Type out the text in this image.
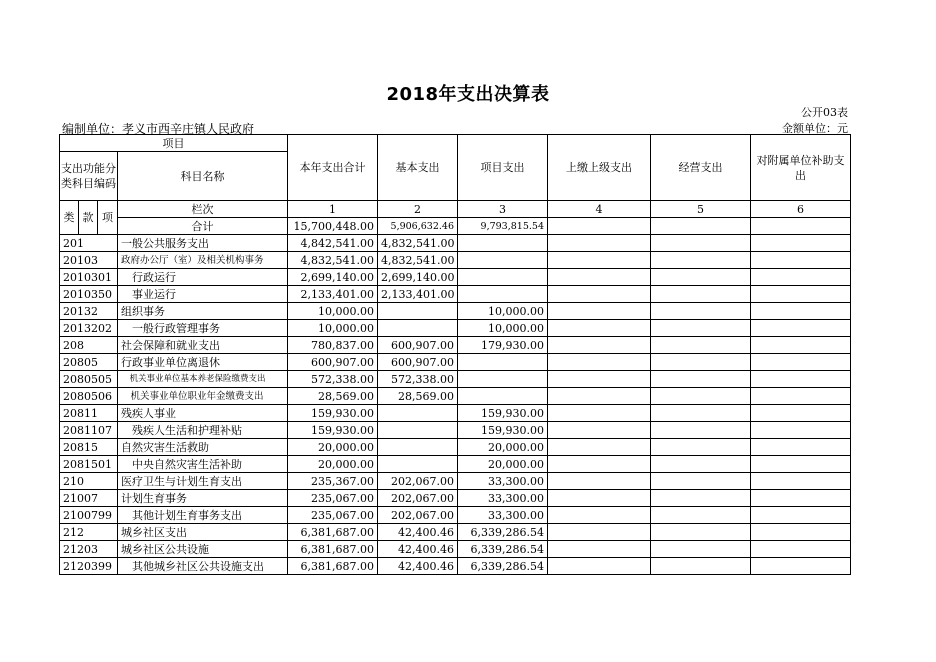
2018年支出决算表
公开03表
编制单位：孝义市西辛庄镇人民政府	金额单位：元
项目				本年支出合计	基本支出	项目支出	上缴上级支出	经营支出	对附属单位补助支出
支出功能分类科目编码			科目名称						

类	款	项	栏次	1	2	3	4	5	6
			合计	15,700,448.00	5,906,632.46	9,793,815.54			
201			一般公共服务支出	4,842,541.00	4,832,541.00				
20103			政府办公厅（室）及相关机构事务	4,832,541.00	4,832,541.00				
2010301			　行政运行	2,699,140.00	2,699,140.00				
2010350			　事业运行	2,133,401.00	2,133,401.00				
20132			组织事务	10,000.00		10,000.00			
2013202			　一般行政管理事务	10,000.00		10,000.00			
208			社会保障和就业支出	780,837.00	600,907.00	179,930.00			
20805			行政事业单位离退休	600,907.00	600,907.00				
2080505			　机关事业单位基本养老保险缴费支出	572,338.00	572,338.00				
2080506			　机关事业单位职业年金缴费支出	28,569.00	28,569.00				
20811			残疾人事业	159,930.00		159,930.00			
2081107			　残疾人生活和护理补贴	159,930.00		159,930.00			
20815			自然灾害生活救助	20,000.00		20,000.00			
2081501			　中央自然灾害生活补助	20,000.00		20,000.00			
210			医疗卫生与计划生育支出	235,367.00	202,067.00	33,300.00			
21007			计划生育事务	235,067.00	202,067.00	33,300.00			
2100799			　其他计划生育事务支出	235,067.00	202,067.00	33,300.00			
212			城乡社区支出	6,381,687.00	42,400.46	6,339,286.54			
21203			城乡社区公共设施	6,381,687.00	42,400.46	6,339,286.54			
2120399			　其他城乡社区公共设施支出	6,381,687.00	42,400.46	6,339,286.54			
